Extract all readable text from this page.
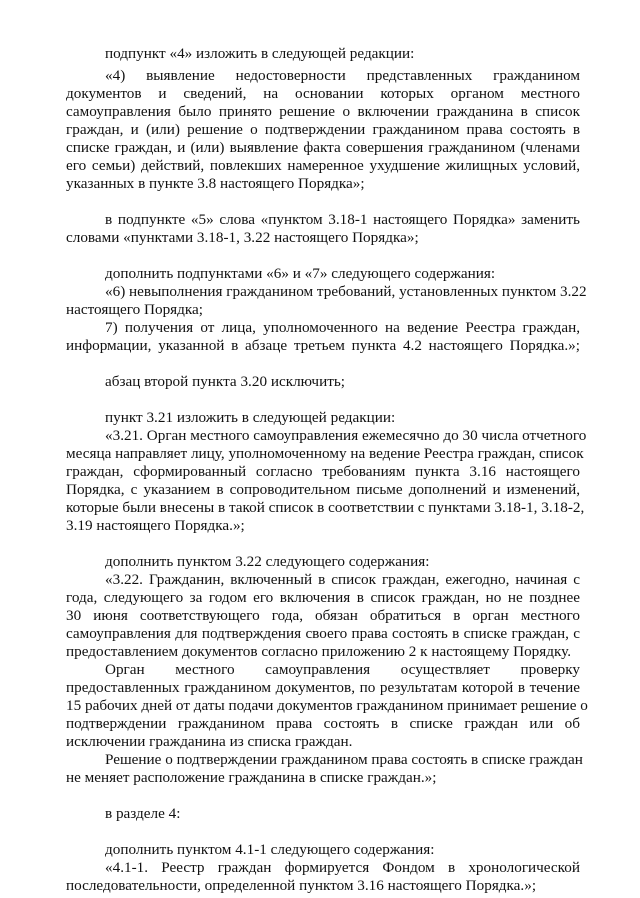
подпункт «4» изложить в следующей редакции:
«4) выявление недостоверности представленных гражданином
документов и сведений, на основании которых органом местного
самоуправления было принято решение о включении гражданина в список
граждан, и (или) решение о подтверждении гражданином права состоять в
списке граждан, и (или) выявление факта совершения гражданином (членами
его семьи) действий, повлекших намеренное ухудшение жилищных условий,
указанных в пункте 3.8 настоящего Порядка»;
в подпункте «5» слова «пунктом 3.18-1 настоящего Порядка» заменить
словами «пунктами 3.18-1, 3.22 настоящего Порядка»;
дополнить подпунктами «6» и «7» следующего содержания:
«6) невыполнения гражданином требований, установленных пунктом 3.22
настоящего Порядка;
7) получения от лица, уполномоченного на ведение Реестра граждан,
информации, указанной в абзаце третьем пункта 4.2 настоящего Порядка.»;
абзац второй пункта 3.20 исключить;
пункт 3.21 изложить в следующей редакции:
«3.21. Орган местного самоуправления ежемесячно до 30 числа отчетного
месяца направляет лицу, уполномоченному на ведение Реестра граждан, список
граждан, сформированный согласно требованиям пункта 3.16 настоящего
Порядка, с указанием в сопроводительном письме дополнений и изменений,
которые были внесены в такой список в соответствии с пунктами 3.18-1, 3.18-2,
3.19 настоящего Порядка.»;
дополнить пунктом 3.22 следующего содержания:
«3.22. Гражданин, включенный в список граждан, ежегодно, начиная с
года, следующего за годом его включения в список граждан, но не позднее
30 июня соответствующего года, обязан обратиться в орган местного
самоуправления для подтверждения своего права состоять в списке граждан, с
предоставлением документов согласно приложению 2 к настоящему Порядку.
Орган местного самоуправления осуществляет проверку
предоставленных гражданином документов, по результатам которой в течение
15 рабочих дней от даты подачи документов гражданином принимает решение о
подтверждении гражданином права состоять в списке граждан или об
исключении гражданина из списка граждан.
Решение о подтверждении гражданином права состоять в списке граждан
не меняет расположение гражданина в списке граждан.»;
в разделе 4:
дополнить пунктом 4.1-1 следующего содержания:
«4.1-1. Реестр граждан формируется Фондом в хронологической
последовательности, определенной пунктом 3.16 настоящего Порядка.»;
